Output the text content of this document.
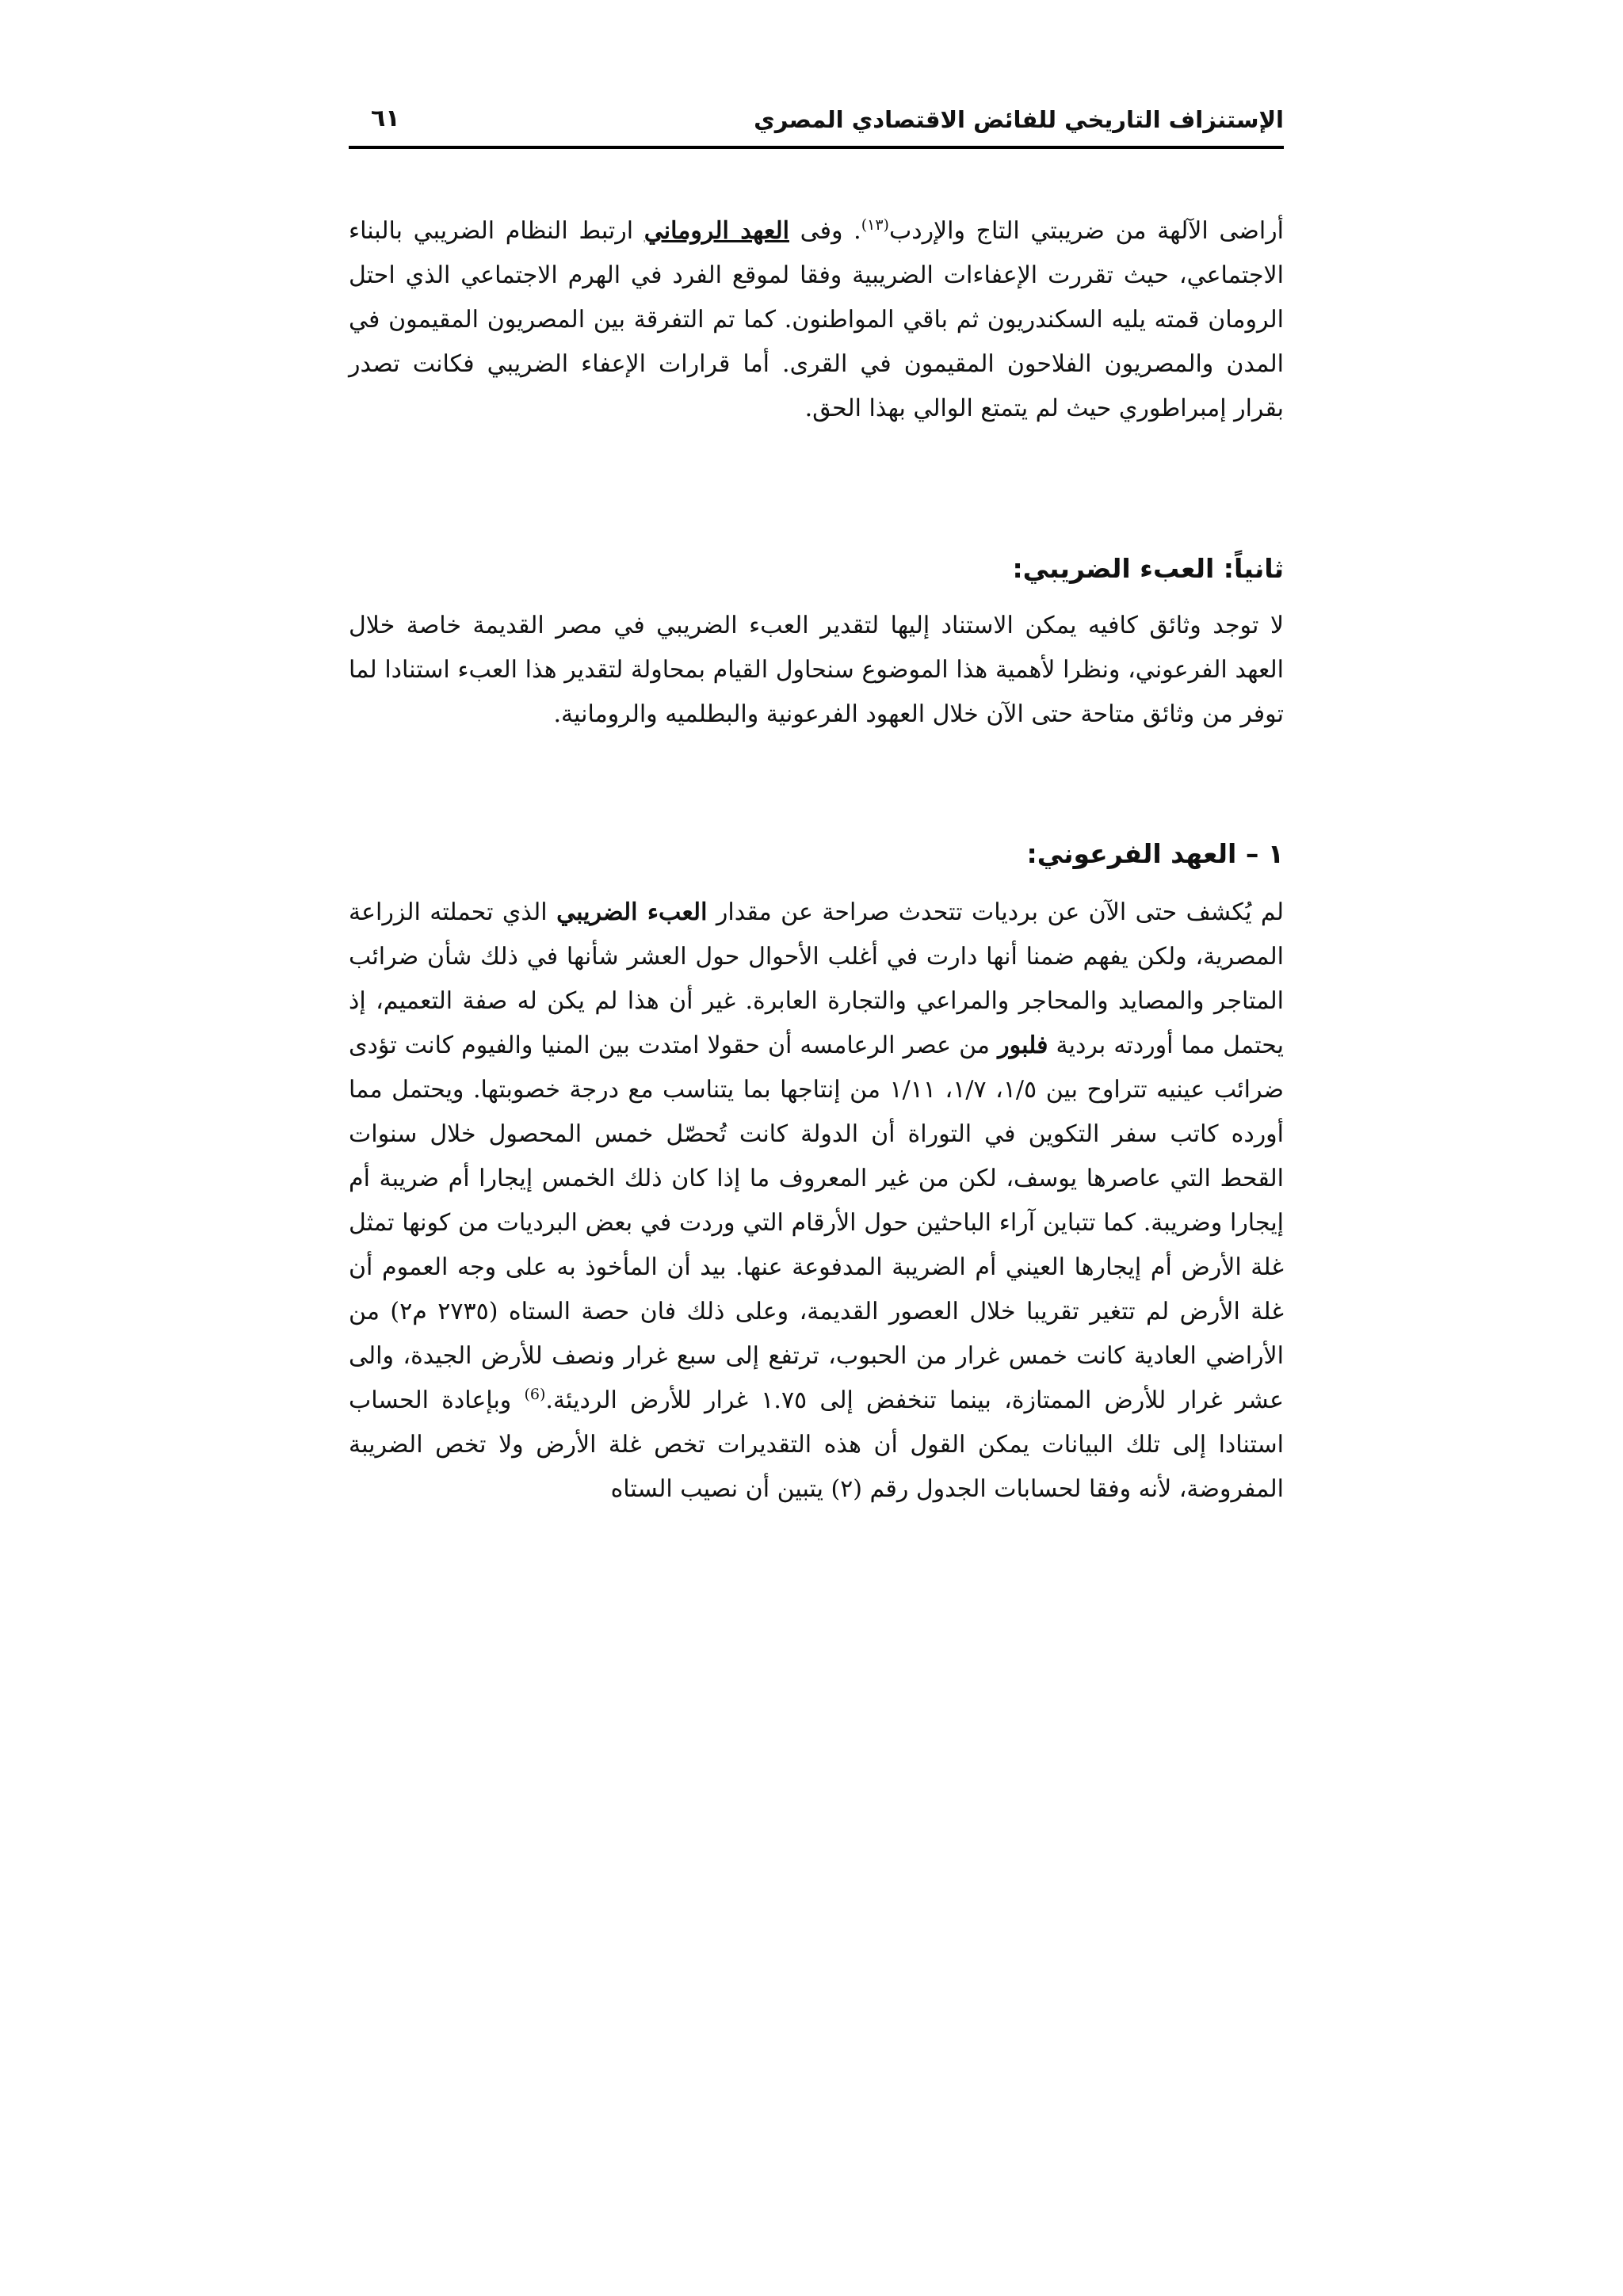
الإستنزاف التاريخي للفائض الاقتصادي المصري
٦١

أراضى الآلهة من ضريبتي التاج والإردب$^{(١٣)}$. وفى العهد الروماني ارتبط النظام الضريبي بالبناء الاجتماعي، حيث تقررت الإعفاءات الضريبية وفقا لموقع الفرد في الهرم الاجتماعي الذي احتل الرومان قمته يليه السكندريون ثم باقي المواطنون. كما تم التفرقة بين المصريون المقيمون في المدن والمصريون الفلاحون المقيمون في القرى. أما قرارات الإعفاء الضريبي فكانت تصدر بقرار إمبراطوري حيث لم يتمتع الوالي بهذا الحق.

ثانياً: العبء الضريبي:

لا توجد وثائق كافيه يمكن الاستناد إليها لتقدير العبء الضريبي في مصر القديمة خاصة خلال العهد الفرعوني، ونظرا لأهمية هذا الموضوع سنحاول القيام بمحاولة لتقدير هذا العبء استنادا لما توفر من وثائق متاحة حتى الآن خلال العهود الفرعونية والبطلميه والرومانية.

١ – العهد الفرعوني:

لم يُكشف حتى الآن عن برديات تتحدث صراحة عن مقدار العبء الضريبي الذي تحملته الزراعة المصرية، ولكن يفهم ضمنا أنها دارت في أغلب الأحوال حول العشر شأنها في ذلك شأن ضرائب المتاجر والمصايد والمحاجر والمراعي والتجارة العابرة. غير أن هذا لم يكن له صفة التعميم، إذ يحتمل مما أوردته بردية فلبور من عصر الرعامسه أن حقولا امتدت بين المنيا والفيوم كانت تؤدى ضرائب عينيه تتراوح بين ١/٥، ١/٧، ١/١١ من إنتاجها بما يتناسب مع درجة خصوبتها. ويحتمل مما أورده كاتب سفر التكوين في التوراة أن الدولة كانت تُحصّل خمس المحصول خلال سنوات القحط التي عاصرها يوسف، لكن من غير المعروف ما إذا كان ذلك الخمس إيجارا أم ضريبة أم إيجارا وضريبة. كما تتباين آراء الباحثين حول الأرقام التي وردت في بعض البرديات من كونها تمثل غلة الأرض أم إيجارها العيني أم الضريبة المدفوعة عنها. بيد أن المأخوذ به على وجه العموم أن غلة الأرض لم تتغير تقريبا خلال العصور القديمة، وعلى ذلك فان حصة الستاه (٢٧٣٥ م٢) من الأراضي العادية كانت خمس غرار من الحبوب، ترتفع إلى سبع غرار ونصف للأرض الجيدة، والى عشر غرار للأرض الممتازة، بينما تنخفض إلى ١.٧٥ غرار للأرض الرديئة.$^{(6)}$ وبإعادة الحساب استنادا إلى تلك البيانات يمكن القول أن هذه التقديرات تخص غلة الأرض ولا تخص الضريبة المفروضة، لأنه وفقا لحسابات الجدول رقم (٢) يتبين أن نصيب الستاه
